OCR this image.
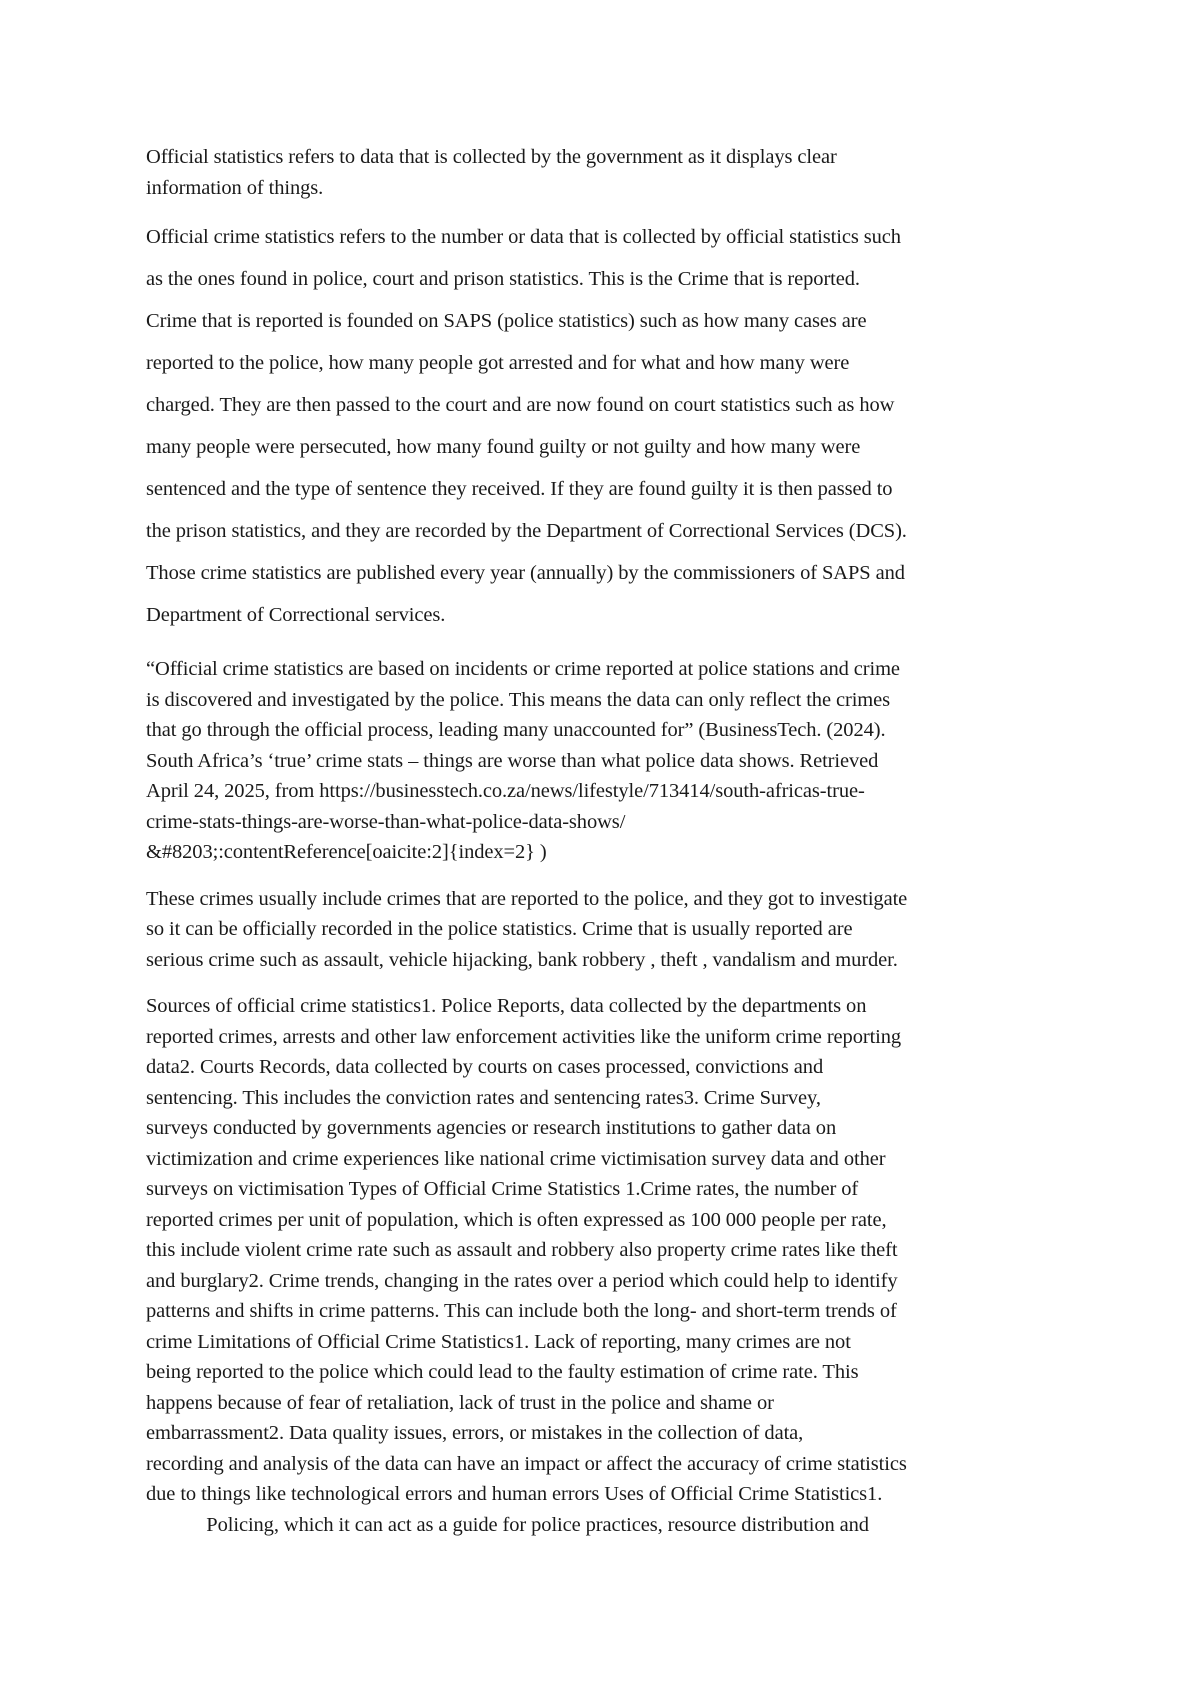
Official statistics refers to data that is collected by the government as it displays clear
information of things.
Official crime statistics refers to the number or data that is collected by official statistics such
as the ones found in police, court and prison statistics. This is the Crime that is reported.
Crime that is reported is founded on SAPS (police statistics) such as how many cases are
reported to the police, how many people got arrested and for what and how many were
charged. They are then passed to the court and are now found on court statistics such as how
many people were persecuted, how many found guilty or not guilty and how many were
sentenced and the type of sentence they received. If they are found guilty it is then passed to
the prison statistics, and they are recorded by the Department of Correctional Services (DCS).
Those crime statistics are published every year (annually) by the commissioners of SAPS and
Department of Correctional services.
“Official crime statistics are based on incidents or crime reported at police stations and crime
is discovered and investigated by the police. This means the data can only reflect the crimes
that go through the official process, leading many unaccounted for” (BusinessTech. (2024).
South Africa’s ‘true’ crime stats – things are worse than what police data shows. Retrieved
April 24, 2025, from https://businesstech.co.za/news/lifestyle/713414/south-africas-true-
crime-stats-things-are-worse-than-what-police-data-shows/
&#8203;:contentReference[oaicite:2]{index=2} )
These crimes usually include crimes that are reported to the police, and they got to investigate
so it can be officially recorded in the police statistics. Crime that is usually reported are
serious crime such as assault, vehicle hijacking, bank robbery , theft , vandalism and murder.
Sources of official crime statistics1. Police Reports, data collected by the departments on
reported crimes, arrests and other law enforcement activities like the uniform crime reporting
data2. Courts Records, data collected by courts on cases processed, convictions and
sentencing. This includes the conviction rates and sentencing rates3. Crime Survey,
surveys conducted by governments agencies or research institutions to gather data on
victimization and crime experiences like national crime victimisation survey data and other
surveys on victimisation Types of Official Crime Statistics 1.Crime rates, the number of
reported crimes per unit of population, which is often expressed as 100 000 people per rate,
this include violent crime rate such as assault and robbery also property crime rates like theft
and burglary2. Crime trends, changing in the rates over a period which could help to identify
patterns and shifts in crime patterns. This can include both the long- and short-term trends of
crime Limitations of Official Crime Statistics1. Lack of reporting, many crimes are not
being reported to the police which could lead to the faulty estimation of crime rate. This
happens because of fear of retaliation, lack of trust in the police and shame or
embarrassment2. Data quality issues, errors, or mistakes in the collection of data,
recording and analysis of the data can have an impact or affect the accuracy of crime statistics
due to things like technological errors and human errors Uses of Official Crime Statistics1.
Policing, which it can act as a guide for police practices, resource distribution and
